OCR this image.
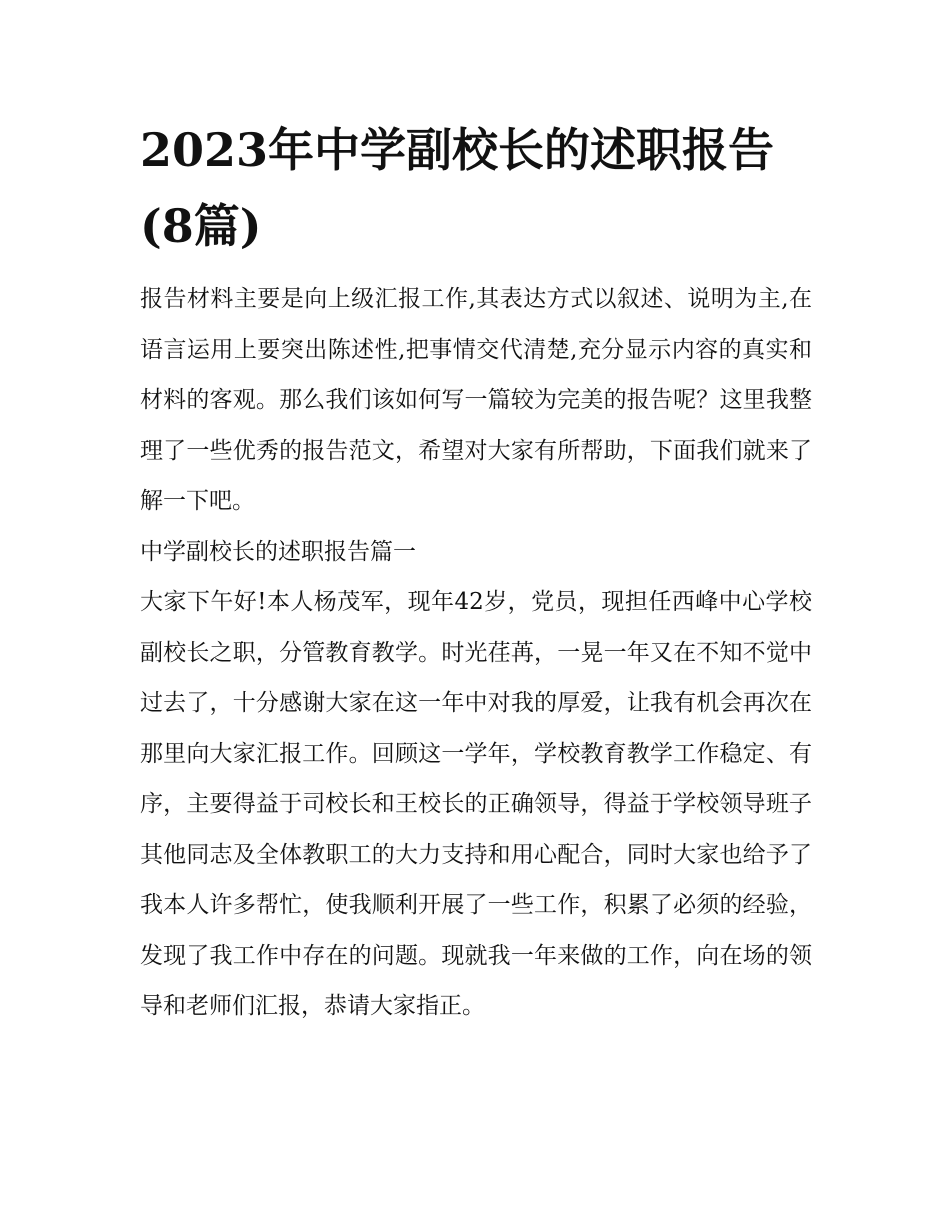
2023年中学副校长的述职报告(8篇)

报告材料主要是向上级汇报工作,其表达方式以叙述、说明为主,在语言运用上要突出陈述性,把事情交代清楚,充分显示内容的真实和材料的客观。那么我们该如何写一篇较为完美的报告呢？这里我整理了一些优秀的报告范文，希望对大家有所帮助，下面我们就来了解一下吧。

中学副校长的述职报告篇一

大家下午好!本人杨茂军，现年42岁，党员，现担任西峰中心学校副校长之职，分管教育教学。时光荏苒，一晃一年又在不知不觉中过去了，十分感谢大家在这一年中对我的厚爱，让我有机会再次在那里向大家汇报工作。回顾这一学年，学校教育教学工作稳定、有序，主要得益于司校长和王校长的正确领导，得益于学校领导班子其他同志及全体教职工的大力支持和用心配合，同时大家也给予了我本人许多帮忙，使我顺利开展了一些工作，积累了必须的经验，发现了我工作中存在的问题。现就我一年来做的工作，向在场的领导和老师们汇报，恭请大家指正。
